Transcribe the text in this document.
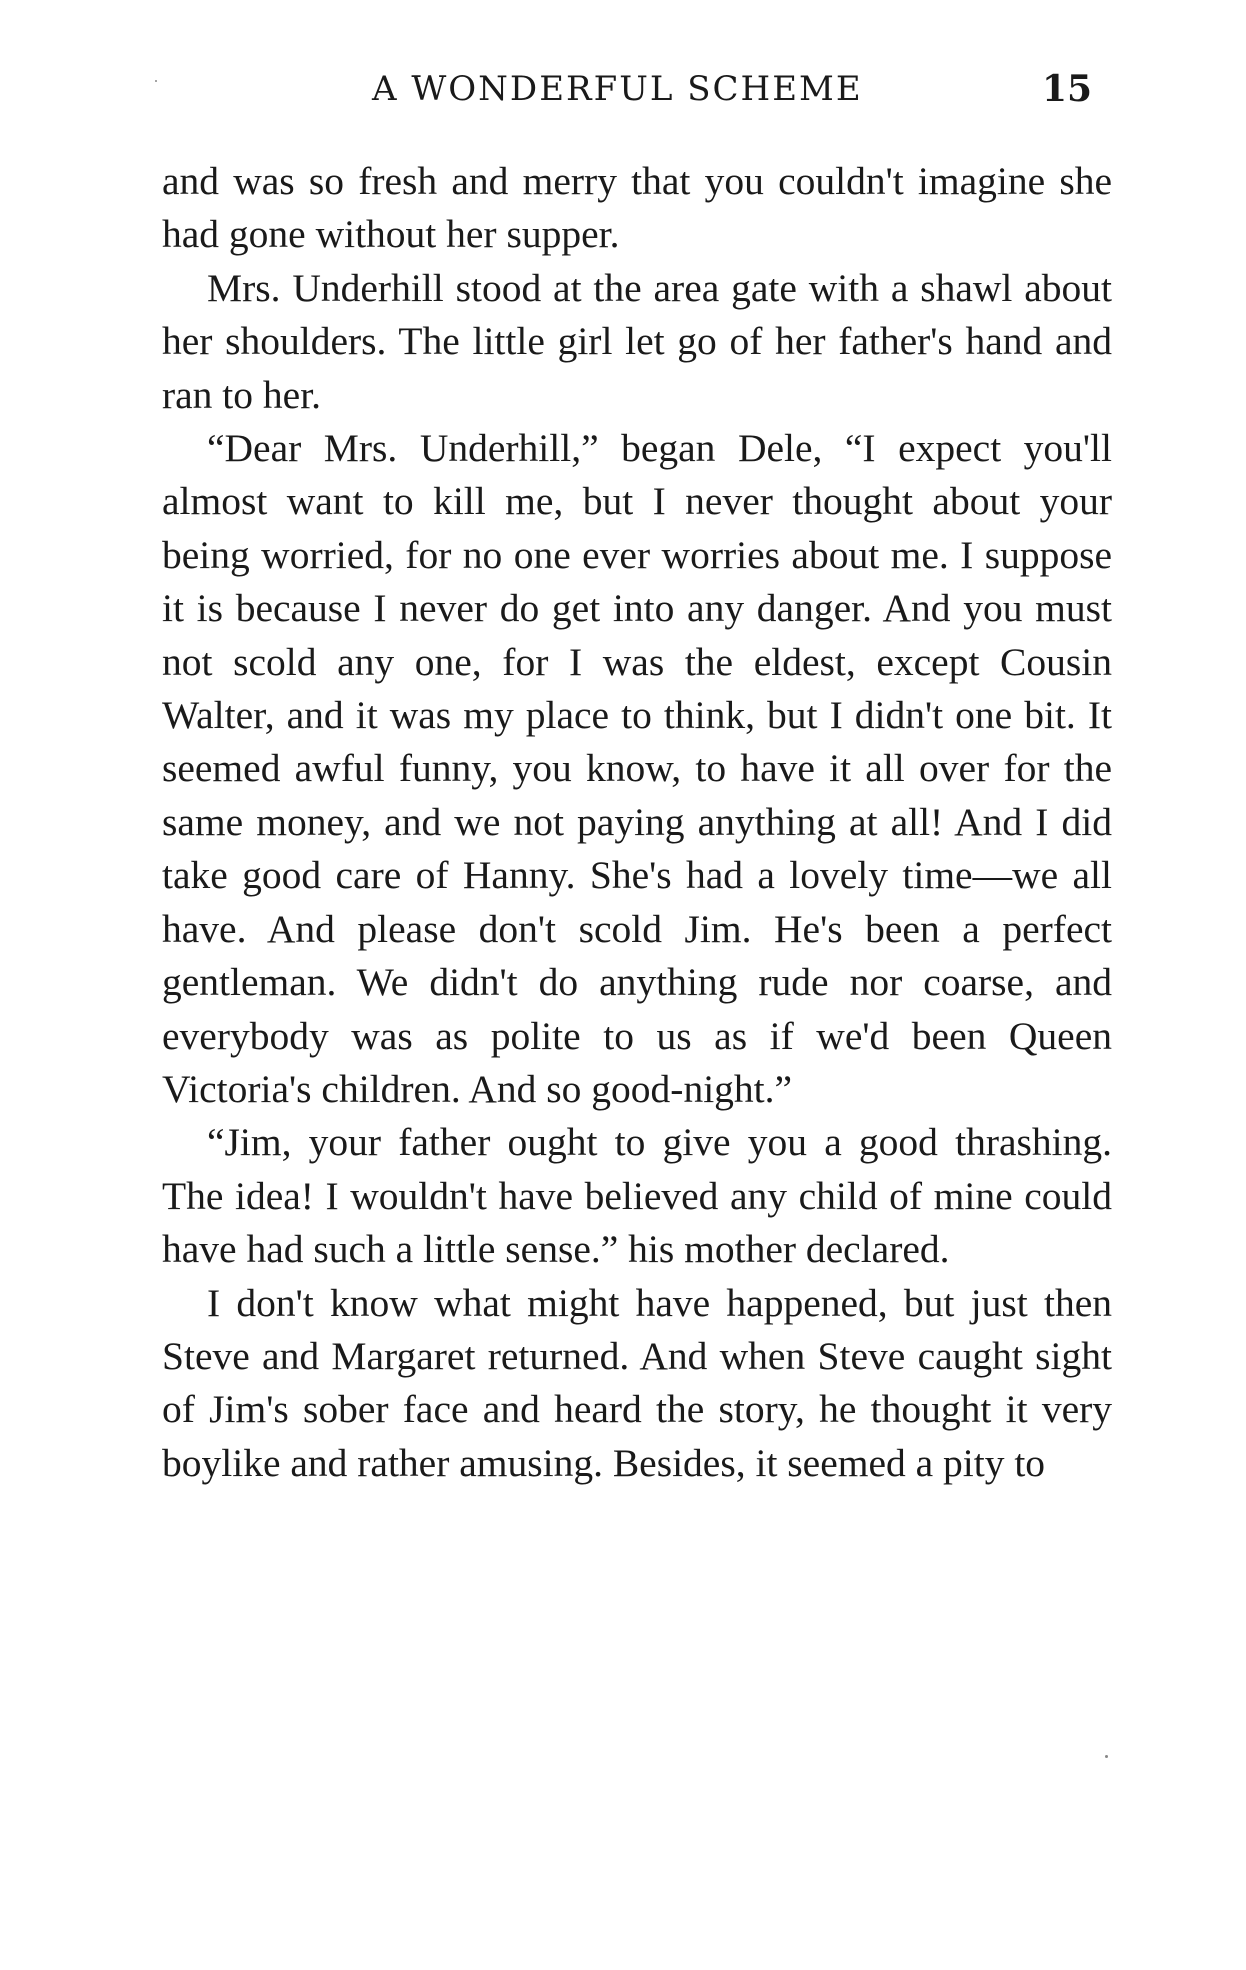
A WONDERFUL SCHEME	15

and was so fresh and merry that you couldn't imagine she had gone without her supper.

Mrs. Underhill stood at the area gate with a shawl about her shoulders. The little girl let go of her father's hand and ran to her.

“Dear Mrs. Underhill,” began Dele, “I expect you'll almost want to kill me, but I never thought about your being worried, for no one ever worries about me. I suppose it is because I never do get into any danger. And you must not scold any one, for I was the eldest, except Cousin Walter, and it was my place to think, but I didn't one bit. It seemed awful funny, you know, to have it all over for the same money, and we not paying anything at all! And I did take good care of Hanny. She's had a lovely time—we all have. And please don't scold Jim. He's been a perfect gentleman. We didn't do anything rude nor coarse, and everybody was as polite to us as if we'd been Queen Victoria's children. And so good-night.”

“Jim, your father ought to give you a good thrashing. The idea! I wouldn't have believed any child of mine could have had such a little sense.” his mother declared.

I don't know what might have happened, but just then Steve and Margaret returned. And when Steve caught sight of Jim's sober face and heard the story, he thought it very boylike and rather amusing. Besides, it seemed a pity to
